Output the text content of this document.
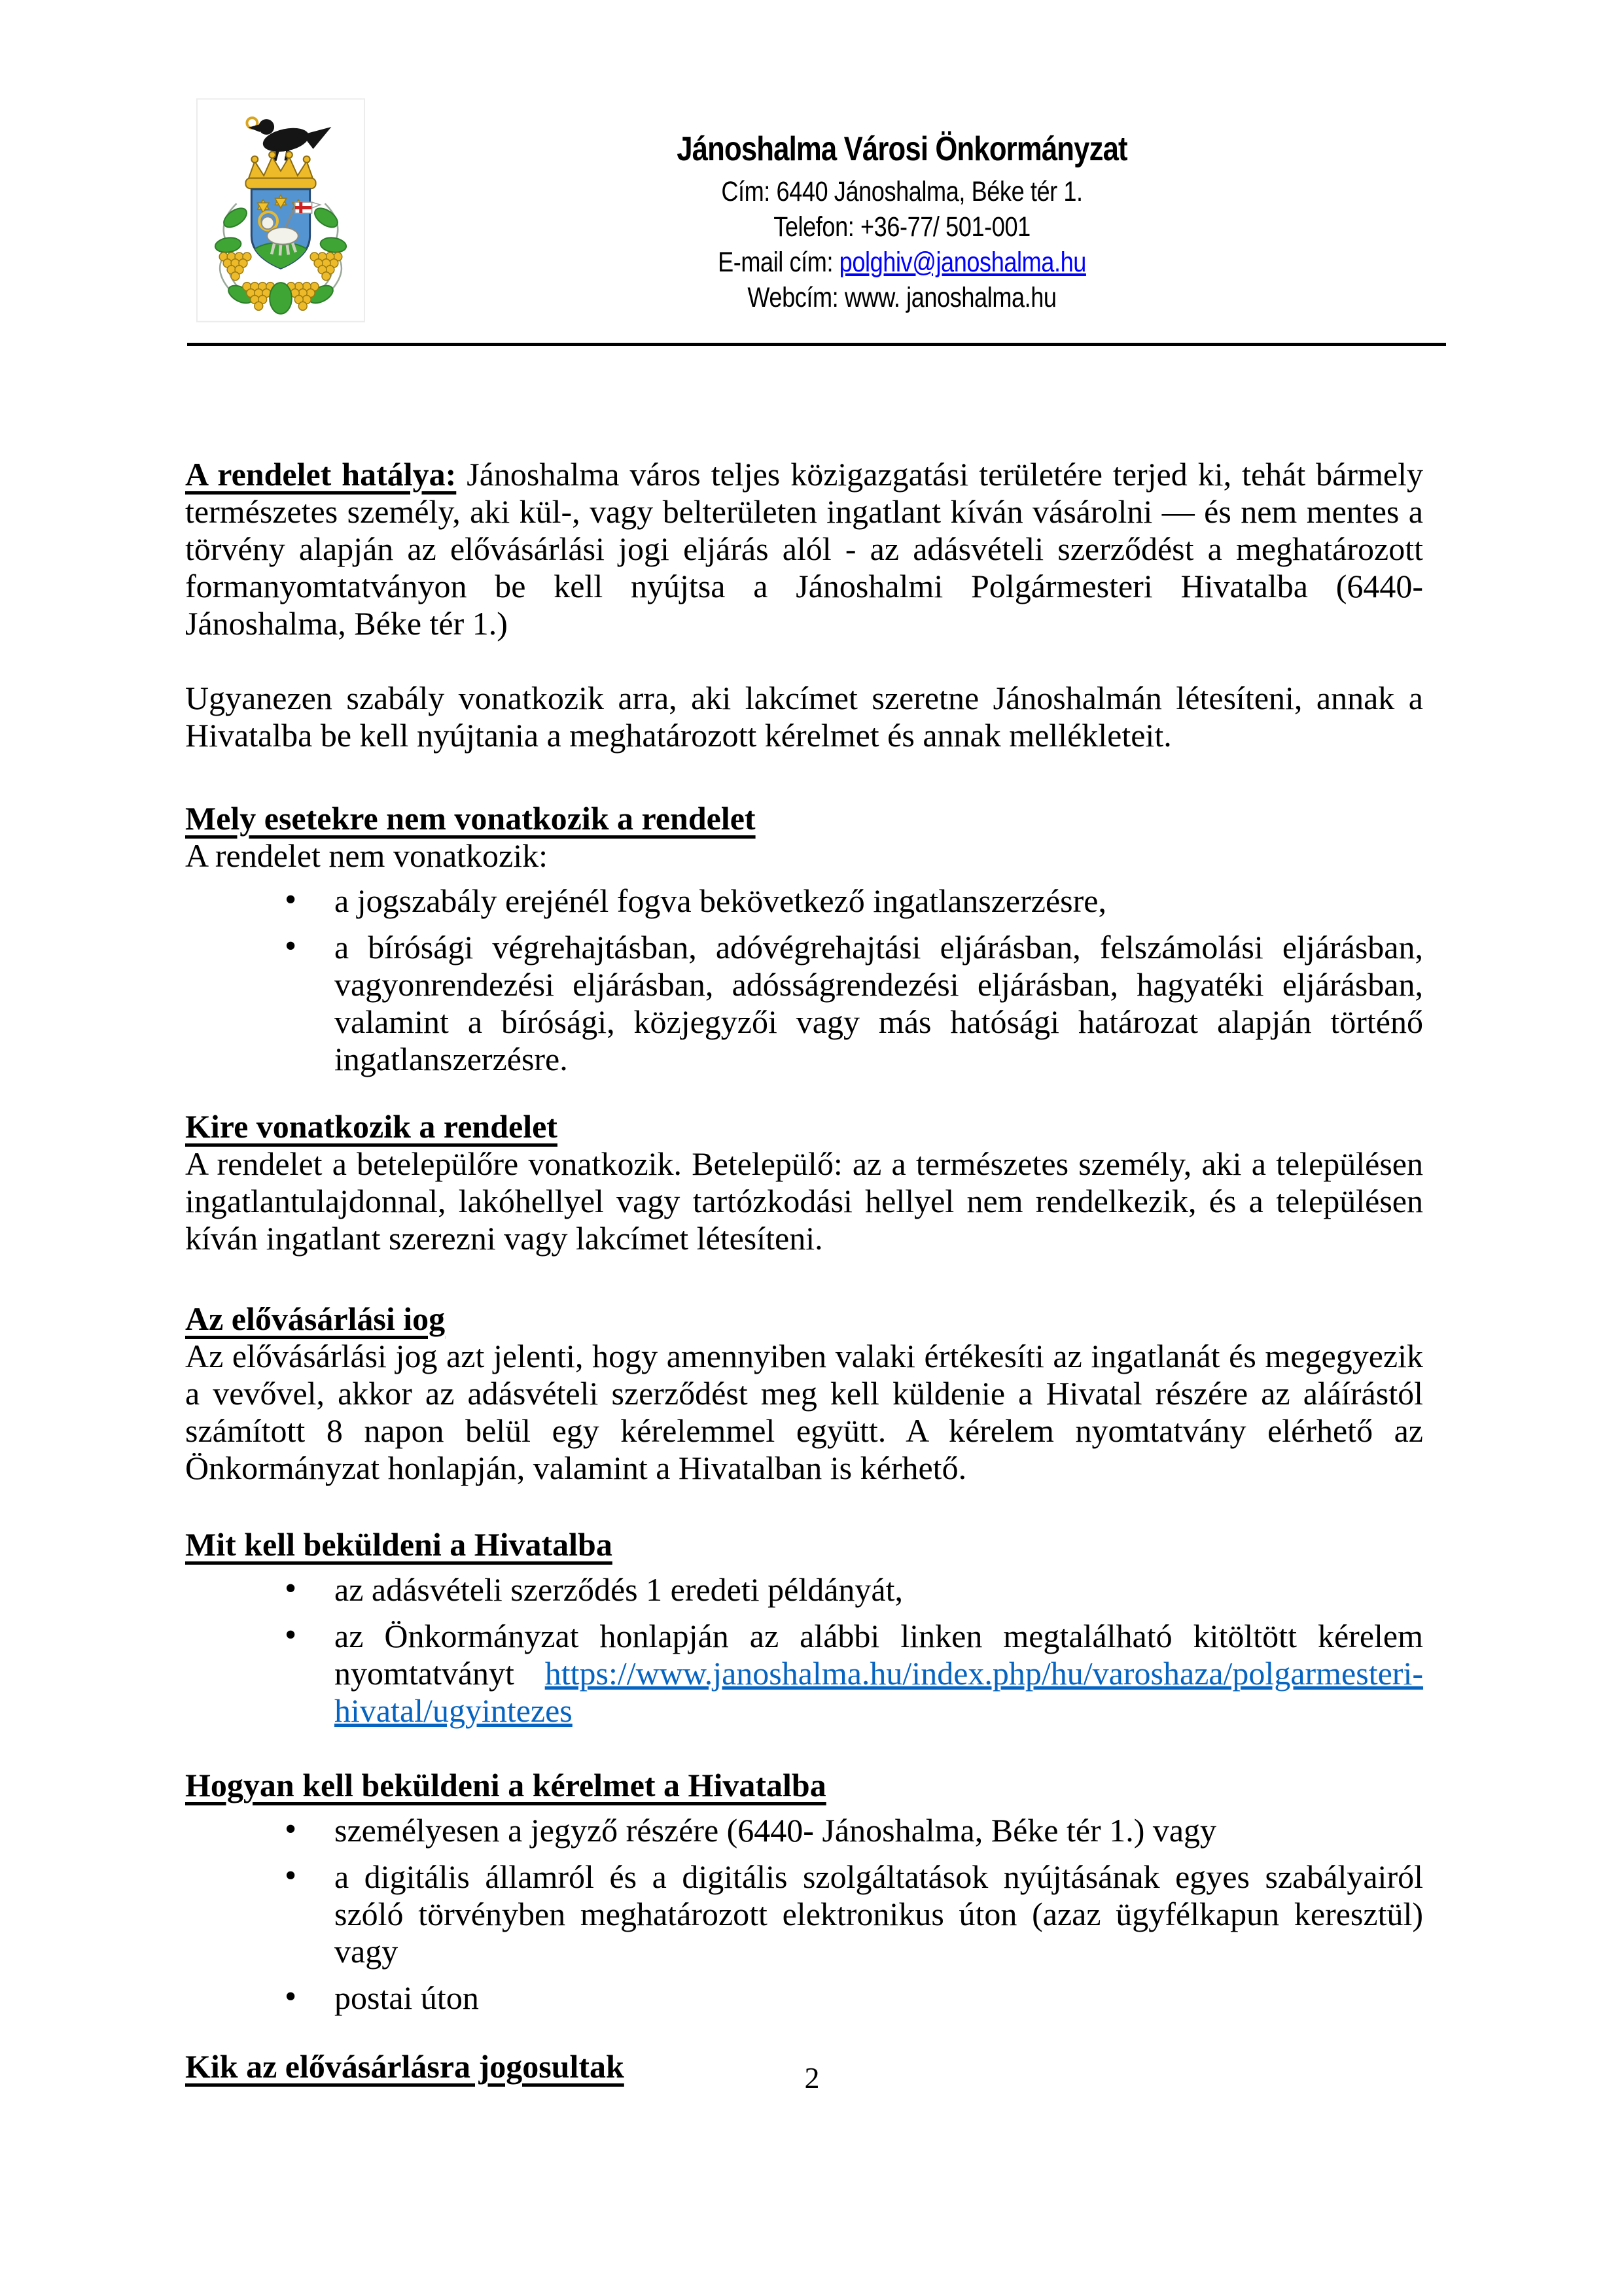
Jánoshalma Városi Önkormányzat
Cím: 6440 Jánoshalma, Béke tér 1.
Telefon: +36-77/ 501-001
E-mail cím: polghiv@janoshalma.hu
Webcím: www. janoshalma.hu

A rendelet hatálya: Jánoshalma város teljes közigazgatási területére terjed ki, tehát bármely természetes személy, aki kül-, vagy belterületen ingatlant kíván vásárolni — és nem mentes a törvény alapján az elővásárlási jogi eljárás alól - az adásvételi szerződést a meghatározott formanyomtatványon be kell nyújtsa a Jánoshalmi Polgármesteri Hivatalba (6440- Jánoshalma, Béke tér 1.)

Ugyanezen szabály vonatkozik arra, aki lakcímet szeretne Jánoshalmán létesíteni, annak a Hivatalba be kell nyújtania a meghatározott kérelmet és annak mellékleteit.

Mely esetekre nem vonatkozik a rendelet

A rendelet nem vonatkozik:

• a jogszabály erejénél fogva bekövetkező ingatlanszerzésre,
• a bírósági végrehajtásban, adóvégrehajtási eljárásban, felszámolási eljárásban, vagyonrendezési eljárásban, adósságrendezési eljárásban, hagyatéki eljárásban, valamint a bírósági, közjegyzői vagy más hatósági határozat alapján történő ingatlanszerzésre.
Kire vonatkozik a rendelet

A rendelet a betelepülőre vonatkozik. Betelepülő: az a természetes személy, aki a településen ingatlantulajdonnal, lakóhellyel vagy tartózkodási hellyel nem rendelkezik, és a településen kíván ingatlant szerezni vagy lakcímet létesíteni.

Az elővásárlási iog

Az elővásárlási jog azt jelenti, hogy amennyiben valaki értékesíti az ingatlanát és megegyezik a vevővel, akkor az adásvételi szerződést meg kell küldenie a Hivatal részére az aláírástól számított 8 napon belül egy kérelemmel együtt. A kérelem nyomtatvány elérhető az Önkormányzat honlapján, valamint a Hivatalban is kérhető.

Mit kell beküldeni a Hivatalba
• az adásvételi szerződés 1 eredeti példányát,
• az Önkormányzat honlapján az alábbi linken megtalálható kitöltött kérelem nyomtatványt https://www.janoshalma.hu/index.php/hu/varoshaza/polgarmesteri-hivatal/ugyintezes
Hogyan kell beküldeni a kérelmet a Hivatalba
• személyesen a jegyző részére (6440- Jánoshalma, Béke tér 1.) vagy
• a digitális államról és a digitális szolgáltatások nyújtásának egyes szabályairól szóló törvényben meghatározott elektronikus úton (azaz ügyfélkapun keresztül) vagy
• postai úton
Kik az elővásárlásra jogosultak	2
